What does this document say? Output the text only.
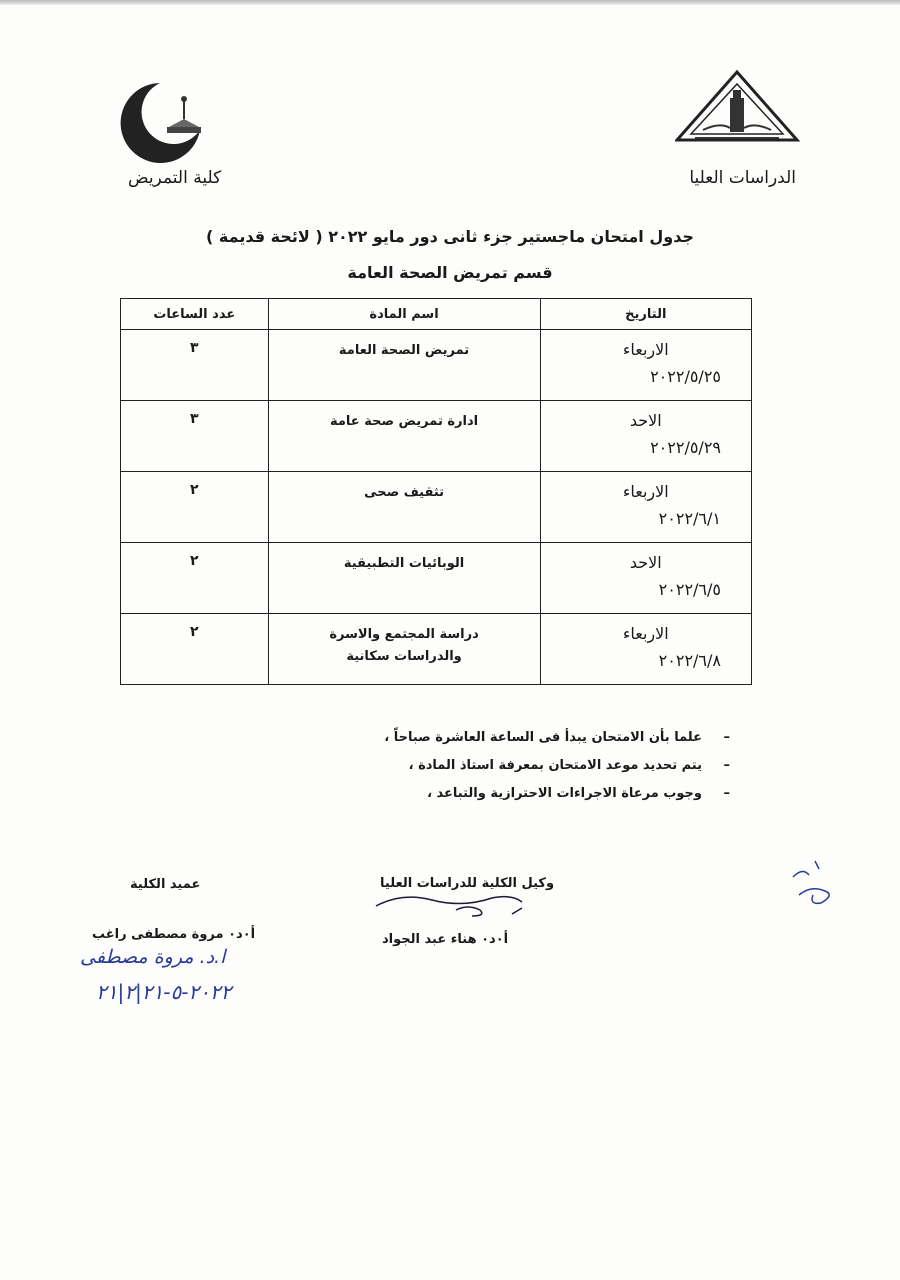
كلية التمريض	الدراسات العليا
جدول امتحان ماجستير جزء ثانى دور مايو ٢٠٢٢ ( لائحة قديمة )
قسم تمريض الصحة العامة
التاريخ	اسم المادة	عدد الساعات

الاربعاء
٢٠٢٢/٥/٢٥	تمريض الصحة العامة	٣

الاحد
٢٠٢٢/٥/٢٩	ادارة تمريض صحة عامة	٣

الاربعاء
٢٠٢٢/٦/١	تثقيف صحى	٢

الاحد
٢٠٢٢/٦/٥	الوبائيات التطبيقية	٢

الاربعاء
٢٠٢٢/٦/٨	دراسة المجتمع والاسرة
والدراسات سكانية	٢
–علما بأن الامتحان يبدأ فى الساعة العاشرة صباحاً ،
–يتم تحديد موعد الامتحان بمعرفة استاذ المادة ،
–وجوب مرعاة الاجراءات الاحترازية والتباعد ،
وكيل الكلية للدراسات العليا
أ٠د٠ هناء عبد الجواد
عميد الكلية
أ٠د٠ مروة مصطفى راغب
ا.د. مروة مصطفى
٢٠٢٢-٥-٢١|٢|٢١
